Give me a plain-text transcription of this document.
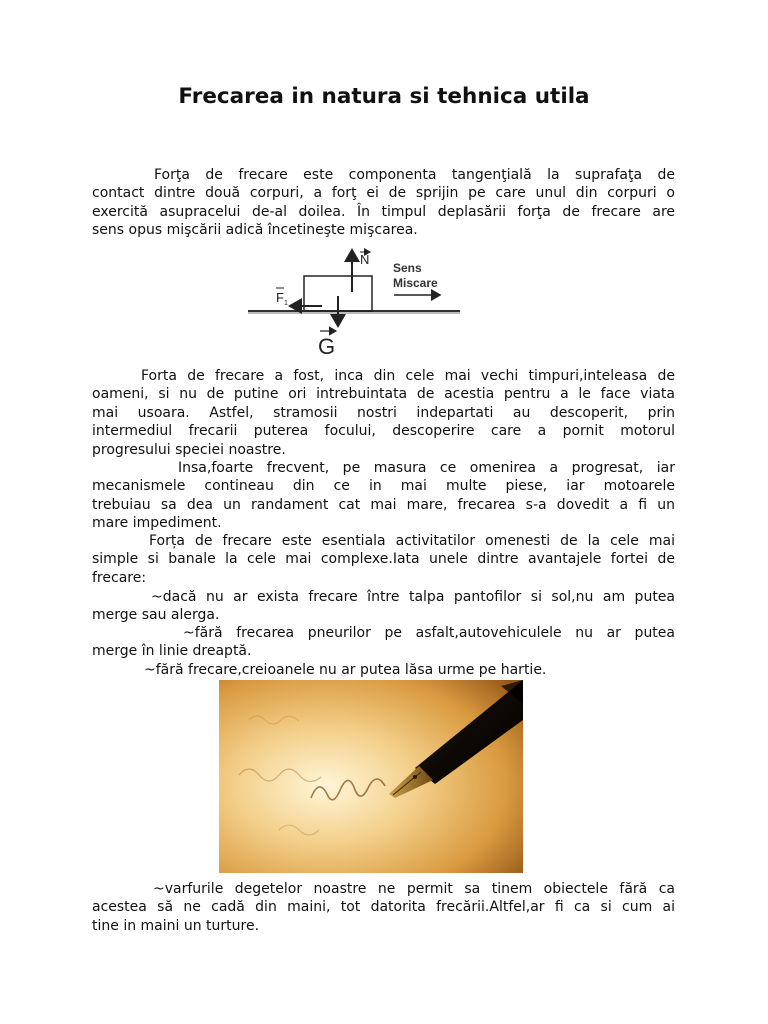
Frecarea in natura si tehnica utila
Forţa de frecare este componenta tangenţială la suprafaţa de
contact dintre două corpuri, a forţ ei de sprijin pe care unul din corpuri o
exercită asupracelui de-al doilea. În timpul deplasării forţa de frecare are
sens opus mişcării adică încetineşte mişcarea.
N
F 1
G
Sens
Miscare
Forta de frecare a fost, inca din cele mai vechi timpuri,inteleasa de
oameni, si nu de putine ori intrebuintata de acestia pentru a le face viata
mai usoara. Astfel, stramosii nostri indepartati au descoperit, prin
intermediul frecarii puterea focului, descoperire care a pornit motorul
progresului speciei noastre.
Insa,foarte frecvent, pe masura ce omenirea a progresat, iar
mecanismele contineau din ce in mai multe piese, iar motoarele
trebuiau sa dea un randament cat mai mare, frecarea s-a dovedit a fi un
mare impediment.
Forța de frecare este esentiala activitatilor omenesti de la cele mai
simple si banale la cele mai complexe.Iata unele dintre avantajele fortei de
frecare:
~dacă nu ar exista frecare între talpa pantofilor si sol,nu am putea
merge sau alerga.
~fără frecarea pneurilor pe asfalt,autovehiculele nu ar putea
merge în linie dreaptă.
~fără frecare,creioanele nu ar putea lăsa urme pe hartie.
~varfurile degetelor noastre ne permit sa tinem obiectele fără ca
acestea să ne cadă din maini, tot datorita frecării.Altfel,ar fi ca si cum ai
tine in maini un turture.
